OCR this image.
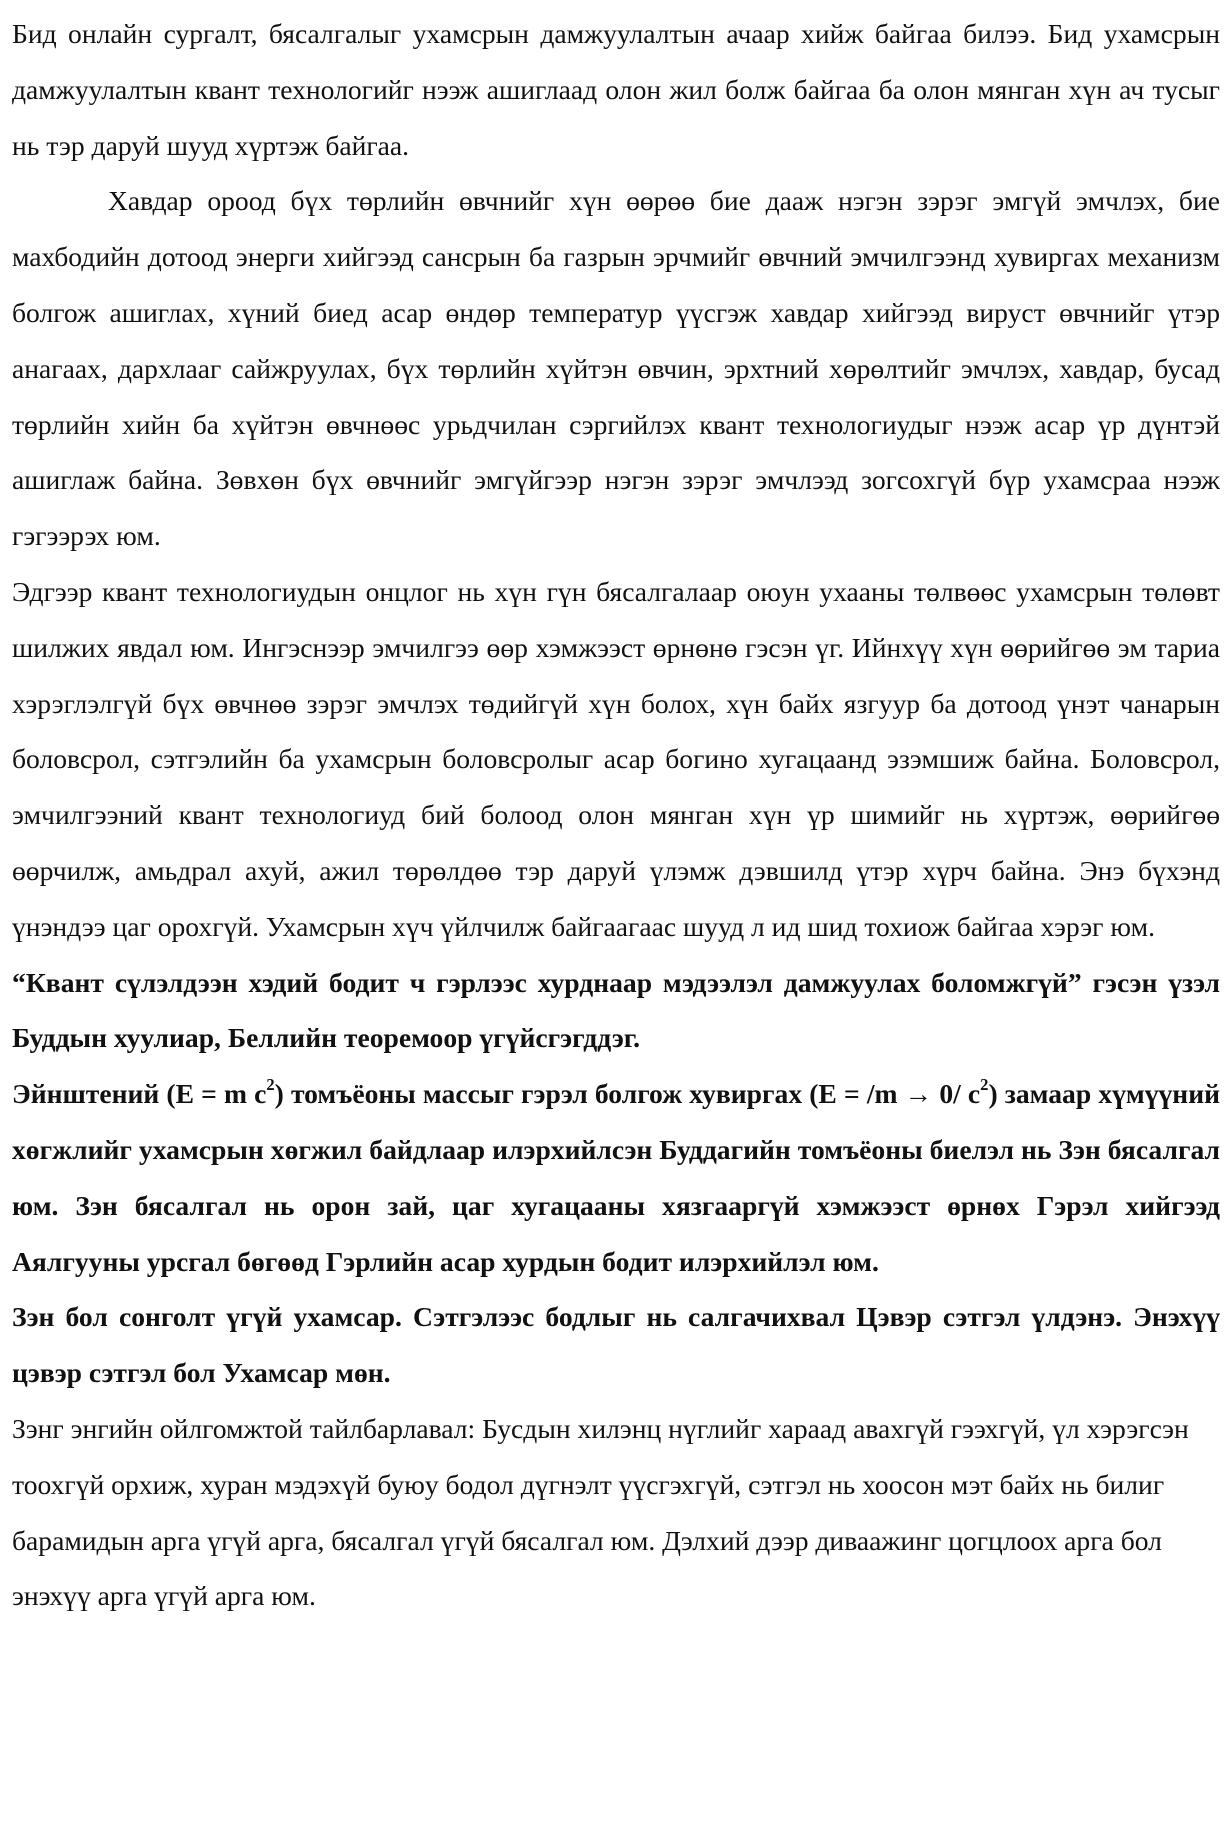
Бид онлайн сургалт, бясалгалыг ухамсрын дамжуулалтын ачаар хийж байгаа билээ. Бид ухамсрын дамжуулалтын квант технологийг нээж ашиглаад олон жил болж байгаа ба олон мянган хүн ач тусыг нь тэр даруй шууд хүртэж байгаа.

Хавдар ороод бүх төрлийн өвчнийг хүн өөрөө бие дааж нэгэн зэрэг эмгүй эмчлэх, бие махбодийн дотоод энерги хийгээд сансрын ба газрын эрчмийг өвчний эмчилгээнд хувиргах механизм болгож ашиглах, хүний биед асар өндөр температур үүсгэж хавдар хийгээд вируст өвчнийг үтэр анагаах, дархлааг сайжруулах, бүх төрлийн хүйтэн өвчин, эрхтний хөрөлтийг эмчлэх, хавдар, бусад төрлийн хийн ба хүйтэн өвчнөөс урьдчилан сэргийлэх квант технологиудыг нээж асар үр дүнтэй ашиглаж байна. Зөвхөн бүх өвчнийг эмгүйгээр нэгэн зэрэг эмчлээд зогсохгүй бүр ухамсраа нээж гэгээрэх юм.

Эдгээр квант технологиудын онцлог нь хүн гүн бясалгалаар оюун ухааны төлвөөс ухамсрын төлөвт шилжих явдал юм. Ингэснээр эмчилгээ өөр хэмжээст өрнөнө гэсэн үг. Ийнхүү хүн өөрийгөө эм тариа хэрэглэлгүй бүх өвчнөө зэрэг эмчлэх төдийгүй хүн болох, хүн байх язгуур ба дотоод үнэт чанарын боловсрол, сэтгэлийн ба ухамсрын боловсролыг асар богино хугацаанд эзэмшиж байна. Боловсрол, эмчилгээний квант технологиуд бий болоод олон мянган хүн үр шимийг нь хүртэж, өөрийгөө өөрчилж, амьдрал ахуй, ажил төрөлдөө тэр даруй үлэмж дэвшилд үтэр хүрч байна. Энэ бүхэнд үнэндээ цаг орохгүй. Ухамсрын хүч үйлчилж байгаагаас шууд л ид шид тохиож байгаа хэрэг юм.

“Квант сүлэлдээн хэдий бодит ч гэрлээс хурднаар мэдээлэл дамжуулах боломжгүй” гэсэн үзэл Буддын хуулиар, Беллийн теоремоор үгүйсгэгддэг.

Эйнштений (E = m $c^2$) томъёоны массыг гэрэл болгож хувиргах (E = /m → 0/ $c^2$) замаар хүмүүний хөгжлийг ухамсрын хөгжил байдлаар илэрхийлсэн Буддагийн томъёоны биелэл нь Зэн бясалгал юм. Зэн бясалгал нь орон зай, цаг хугацааны хязгааргүй хэмжээст өрнөх Гэрэл хийгээд Аялгууны урсгал бөгөөд Гэрлийн асар хурдын бодит илэрхийлэл юм.

Зэн бол сонголт үгүй ухамсар. Сэтгэлээс бодлыг нь салгачихвал Цэвэр сэтгэл үлдэнэ. Энэхүү цэвэр сэтгэл бол Ухамсар мөн.

Зэнг энгийн ойлгомжтой тайлбарлавал: Бусдын хилэнц нүглийг хараад авахгүй гээхгүй, үл хэрэгсэн тоохгүй орхиж, хуран мэдэхүй буюу бодол дүгнэлт үүсгэхгүй, сэтгэл нь хоосон мэт байх нь билиг барамидын арга үгүй арга, бясалгал үгүй бясалгал юм. Дэлхий дээр диваажинг цогцлоох арга бол энэхүү арга үгүй арга юм.
